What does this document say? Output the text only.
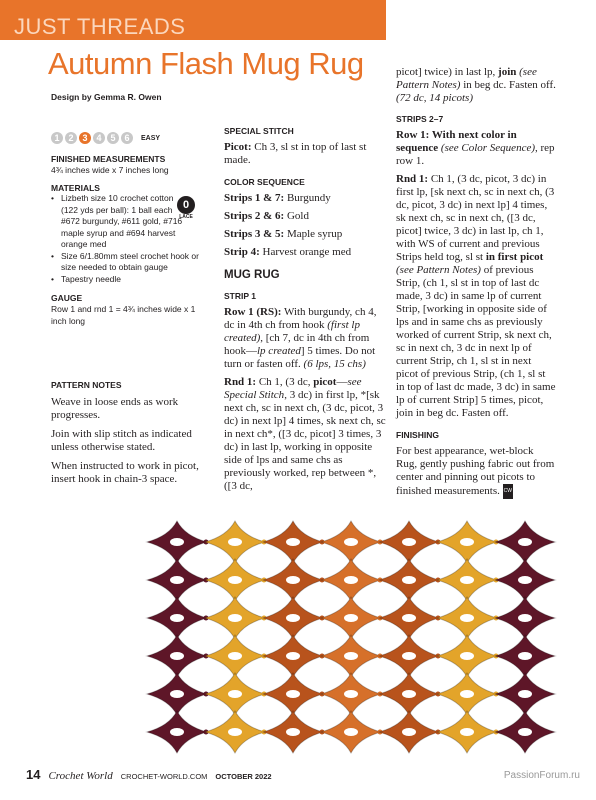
JUST THREADS
Autumn Flash Mug Rug
Design by Gemma R. Owen
1 2 3 4 5 6	EASY

FINISHED MEASUREMENTS

4¾ inches wide x 7 inches long

MATERIALS

• Lizbeth size 10 crochet cotton (122 yds per ball): 1 ball each #672 burgundy, #611 gold, #716 maple syrup and #694 harvest orange med
• Size 6/1.80mm steel crochet hook or size needed to obtain gauge
• Tapestry needle

GAUGE

Row 1 and rnd 1 = 4¾ inches wide x 1 inch long

0
LACE

PATTERN NOTES

Weave in loose ends as work progresses.

Join with slip stitch as indicated unless otherwise stated.

When instructed to work in picot, insert hook in chain-3 space.

SPECIAL STITCH

Picot: Ch 3, sl st in top of last st made.

COLOR SEQUENCE

Strips 1 & 7: Burgundy

Strips 2 & 6: Gold

Strips 3 & 5: Maple syrup

Strip 4: Harvest orange med

MUG RUG

STRIP 1

Row 1 (RS): With burgundy, ch 4, dc in 4th ch from hook (first lp created), [ch 7, dc in 4th ch from hook—lp created] 5 times. Do not turn or fasten off. (6 lps, 15 chs)

Rnd 1: Ch 1, (3 dc, picot—see Special Stitch, 3 dc) in first lp, *[sk next ch, sc in next ch, (3 dc, picot, 3 dc) in next lp] 4 times, sk next ch, sc in next ch*, ([3 dc, picot] 3 times, 3 dc) in last lp, working in opposite side of lps and same chs as previously worked, rep between *, ([3 dc,

picot] twice) in last lp, join (see Pattern Notes) in beg dc. Fasten off. (72 dc, 14 picots)

STRIPS 2–7

Row 1: With next color in sequence (see Color Sequence), rep row 1.

Rnd 1: Ch 1, (3 dc, picot, 3 dc) in first lp, [sk next ch, sc in next ch, (3 dc, picot, 3 dc) in next lp] 4 times, sk next ch, sc in next ch, ([3 dc, picot] twice, 3 dc) in last lp, ch 1, with WS of current and previous Strips held tog, sl st in first picot (see Pattern Notes) of previous Strip, (ch 1, sl st in top of last dc made, 3 dc) in same lp of current Strip, [working in opposite side of lps and in same chs as previously worked of current Strip, sk next ch, sc in next ch, 3 dc in next lp of current Strip, ch 1, sl st in next picot of previous Strip, (ch 1, sl st in top of last dc made, 3 dc) in same lp of current Strip] 5 times, picot, join in beg dc. Fasten off.

FINISHING

For best appearance, wet-block Rug, gently pushing fabric out from center and pinning out picots to finished measurements. CW

14 Crochet World CROCHET-WORLD.COM OCTOBER 2022	PassionForum.ru
